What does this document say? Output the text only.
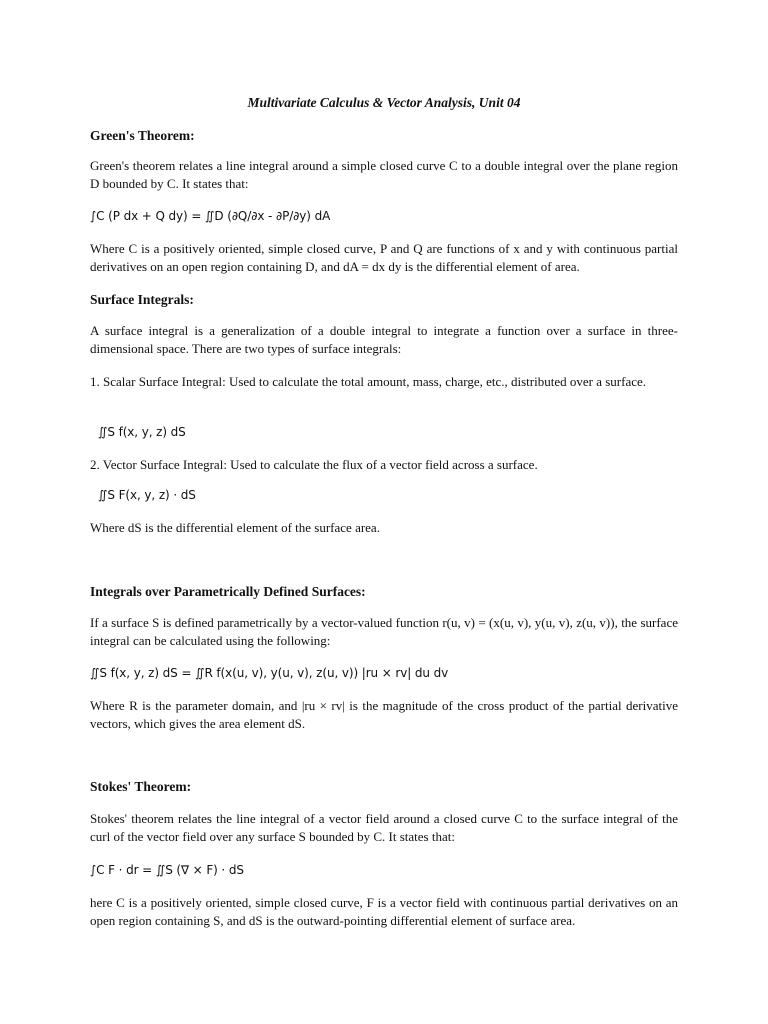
Multivariate Calculus & Vector Analysis, Unit 04

Green's Theorem:

Green's theorem relates a line integral around a simple closed curve C to a double integral over the plane region D bounded by C. It states that:

∫C (P dx + Q dy) = ∬D (∂Q/∂x - ∂P/∂y) dA

Where C is a positively oriented, simple closed curve, P and Q are functions of x and y with continuous partial derivatives on an open region containing D, and dA = dx dy is the differential element of area.

Surface Integrals:

A surface integral is a generalization of a double integral to integrate a function over a surface in three-dimensional space. There are two types of surface integrals:

1. Scalar Surface Integral: Used to calculate the total amount, mass, charge, etc., distributed over a surface.

∬S f(x, y, z) dS

2. Vector Surface Integral: Used to calculate the flux of a vector field across a surface.

∬S F(x, y, z) · dS

Where dS is the differential element of the surface area.

Integrals over Parametrically Defined Surfaces:

If a surface S is defined parametrically by a vector-valued function r(u, v) = (x(u, v), y(u, v), z(u, v)), the surface integral can be calculated using the following:

∬S f(x, y, z) dS = ∬R f(x(u, v), y(u, v), z(u, v)) |ru × rv| du dv

Where R is the parameter domain, and |ru × rv| is the magnitude of the cross product of the partial derivative vectors, which gives the area element dS.

Stokes' Theorem:

Stokes' theorem relates the line integral of a vector field around a closed curve C to the surface integral of the curl of the vector field over any surface S bounded by C. It states that:

∫C F · dr = ∬S (∇ × F) · dS

here C is a positively oriented, simple closed curve, F is a vector field with continuous partial derivatives on an open region containing S, and dS is the outward-pointing differential element of surface area.
